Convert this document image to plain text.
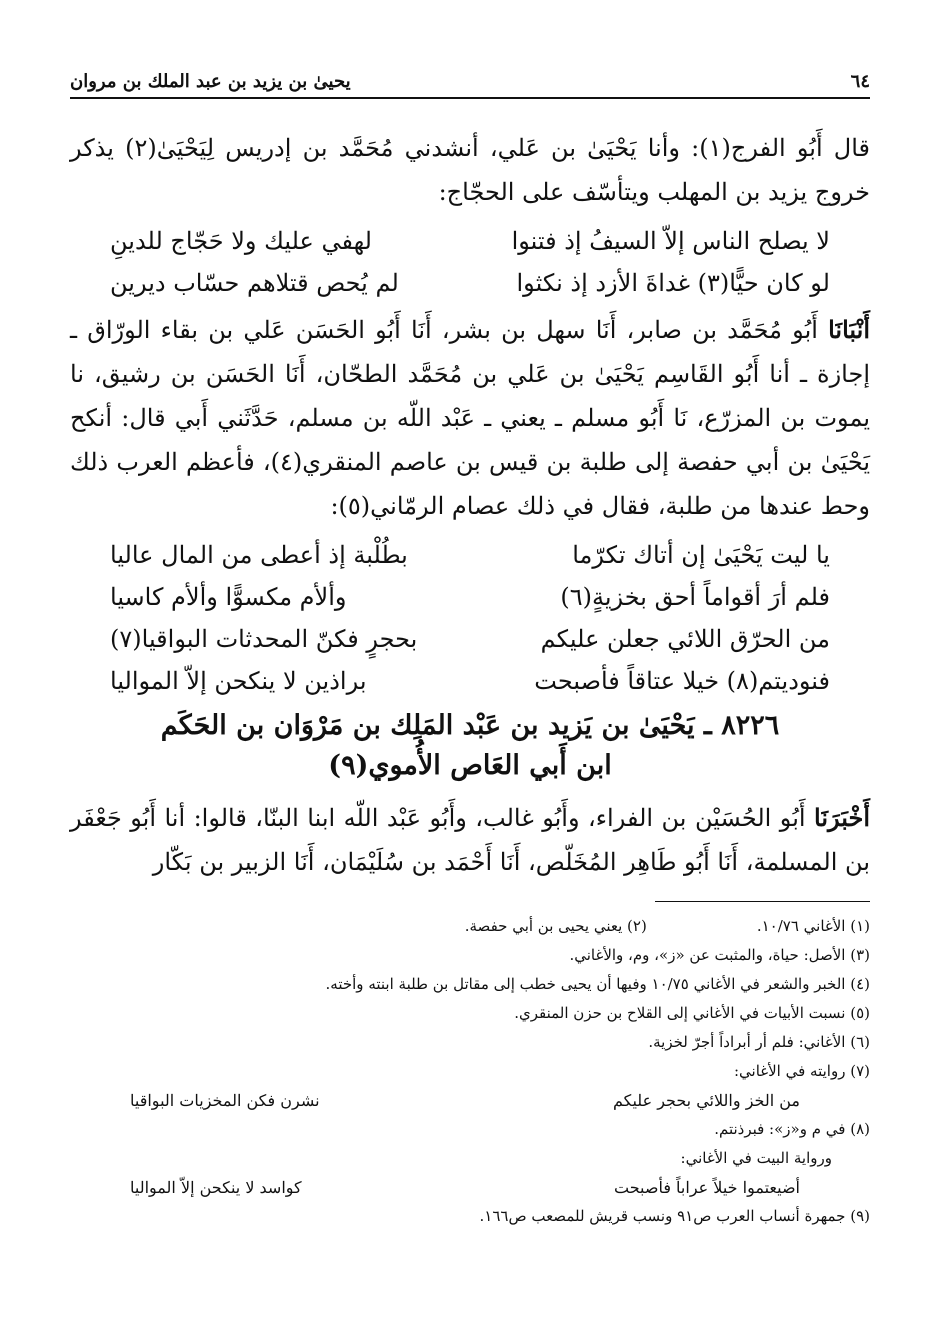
٦٤
يحيىٰ بن يزيد بن عبد الملك بن مروان

قال أَبُو الفرج(١): وأنا يَحْيَىٰ بن عَلي، أنشدني مُحَمَّد بن إدريس لِيَحْيَىٰ(٢) يذكر خروج يزيد بن المهلب ويتأسّف على الحجّاج:

لا يصلح الناس إلاّ السيفُ إذ فتنوا
لهفي عليك ولا حَجّاج للدينِ
لو كان حيًّا(٣) غداةَ الأزد إذ نكثوا
لم يُحص قتلاهم حسّاب ديرين

أَنْبَانَا أَبُو مُحَمَّد بن صابر، أَنَا سهل بن بشر، أَنَا أَبُو الحَسَن عَلي بن بقاء الورّاق ـ إجازة ـ أنا أَبُو القَاسِم يَحْيَىٰ بن عَلي بن مُحَمَّد الطحّان، أَنَا الحَسَن بن رشيق، نا يموت بن المزرّع، نَا أَبُو مسلم ـ يعني ـ عَبْد اللّه بن مسلم، حَدَّثَني أَبي قال: أنكح يَحْيَىٰ بن أبي حفصة إلى طلبة بن قيس بن عاصم المنقري(٤)، فأعظم العرب ذلك وحط عندها من طلبة، فقال في ذلك عصام الرمّاني(٥):

يا ليت يَحْيَىٰ إن أتاك تكرّما
بطُلْبة إذ أعطى من المال عاليا
فلم أرَ أقواماً أحق بخزيةٍ(٦)
وألأم مكسوًّا وألأم كاسيا
من الحرّق اللائي جعلن عليكم
بحجرٍ فكنّ المحدثات البواقيا(٧)
فنوديتم(٨) خيلا عتاقاً فأصبحت
براذين لا ينكحن إلاّ المواليا
٨٢٢٦ ـ يَحْيَىٰ بن يَزيد بن عَبْد المَلِك بن مَرْوَان بن الحَكَم
ابن أَبي العَاص الأُموي(٩)

أَخْبَرَنَا أَبُو الحُسَيْن بن الفراء، وأَبُو غالب، وأَبُو عَبْد اللّه ابنا البنّا، قالوا: أنا أَبُو جَعْفَر بن المسلمة، أَنَا أَبُو طَاهِر المُخَلّص، أَنَا أَحْمَد بن سُلَيْمَان، أَنَا الزبير بن بَكّار

(١) الأغاني ١٠/٧٦.
(٢) يعني يحيى بن أبي حفصة.
(٣) الأصل: حياة، والمثبت عن «ز»، وم، والأغاني.
(٤) الخبر والشعر في الأغاني ١٠/٧٥ وفيها أن يحيى خطب إلى مقاتل بن طلبة ابنته وأخته.
(٥) نسبت الأبيات في الأغاني إلى القلاح بن حزن المنقري.
(٦) الأغاني: فلم أر أبراداً أجرّ لخزية.
(٧) روايته في الأغاني:
من الخز واللائي بحجر عليكم
نشرن فكن المخزيات البواقيا
(٨) في م و«ز»: فبرذنتم.
ورواية البيت في الأغاني:
أضيعتموا خيلاً عراباً فأصبحت
كواسد لا ينكحن إلاّ المواليا
(٩) جمهرة أنساب العرب ص٩١ ونسب قريش للمصعب ص١٦٦.
